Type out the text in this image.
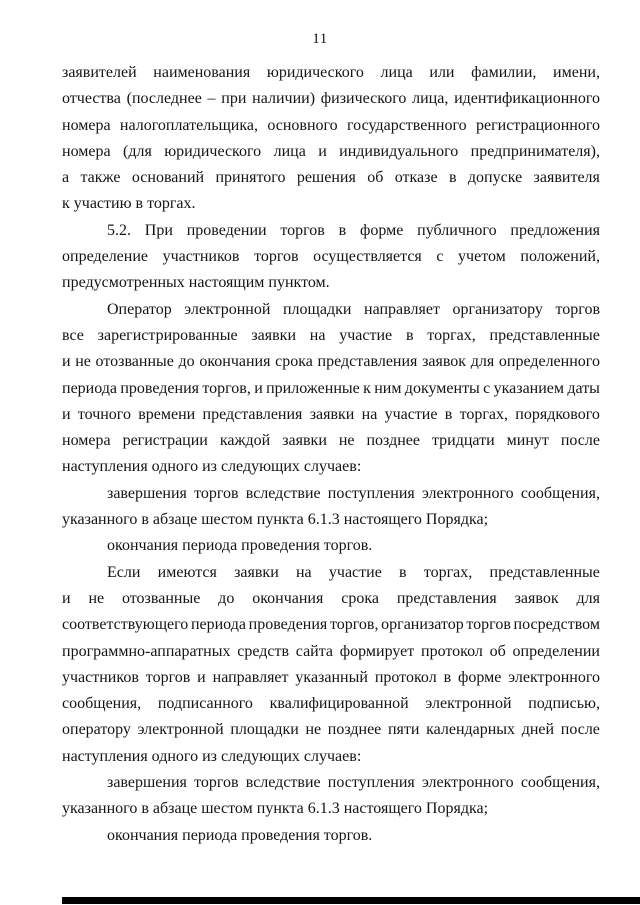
11
заявителей наименования юридического лица или фамилии, имени,
отчества (последнее – при наличии) физического лица, идентификационного
номера налогоплательщика, основного государственного регистрационного
номера (для юридического лица и индивидуального предпринимателя),
а также оснований принятого решения об отказе в допуске заявителя
к участию в торгах.
5.2. При проведении торгов в форме публичного предложения
определение участников торгов осуществляется с учетом положений,
предусмотренных настоящим пунктом.
Оператор электронной площадки направляет организатору торгов
все зарегистрированные заявки на участие в торгах, представленные
и не отозванные до окончания срока представления заявок для определенного
периода проведения торгов, и приложенные к ним документы с указанием даты
и точного времени представления заявки на участие в торгах, порядкового
номера регистрации каждой заявки не позднее тридцати минут после
наступления одного из следующих случаев:
завершения торгов вследствие поступления электронного сообщения,
указанного в абзаце шестом пункта 6.1.3 настоящего Порядка;
окончания периода проведения торгов.
Если имеются заявки на участие в торгах, представленные
и не отозванные до окончания срока представления заявок для
соответствующего периода проведения торгов, организатор торгов посредством
программно-аппаратных средств сайта формирует протокол об определении
участников торгов и направляет указанный протокол в форме электронного
сообщения, подписанного квалифицированной электронной подписью,
оператору электронной площадки не позднее пяти календарных дней после
наступления одного из следующих случаев:
завершения торгов вследствие поступления электронного сообщения,
указанного в абзаце шестом пункта 6.1.3 настоящего Порядка;
окончания периода проведения торгов.
